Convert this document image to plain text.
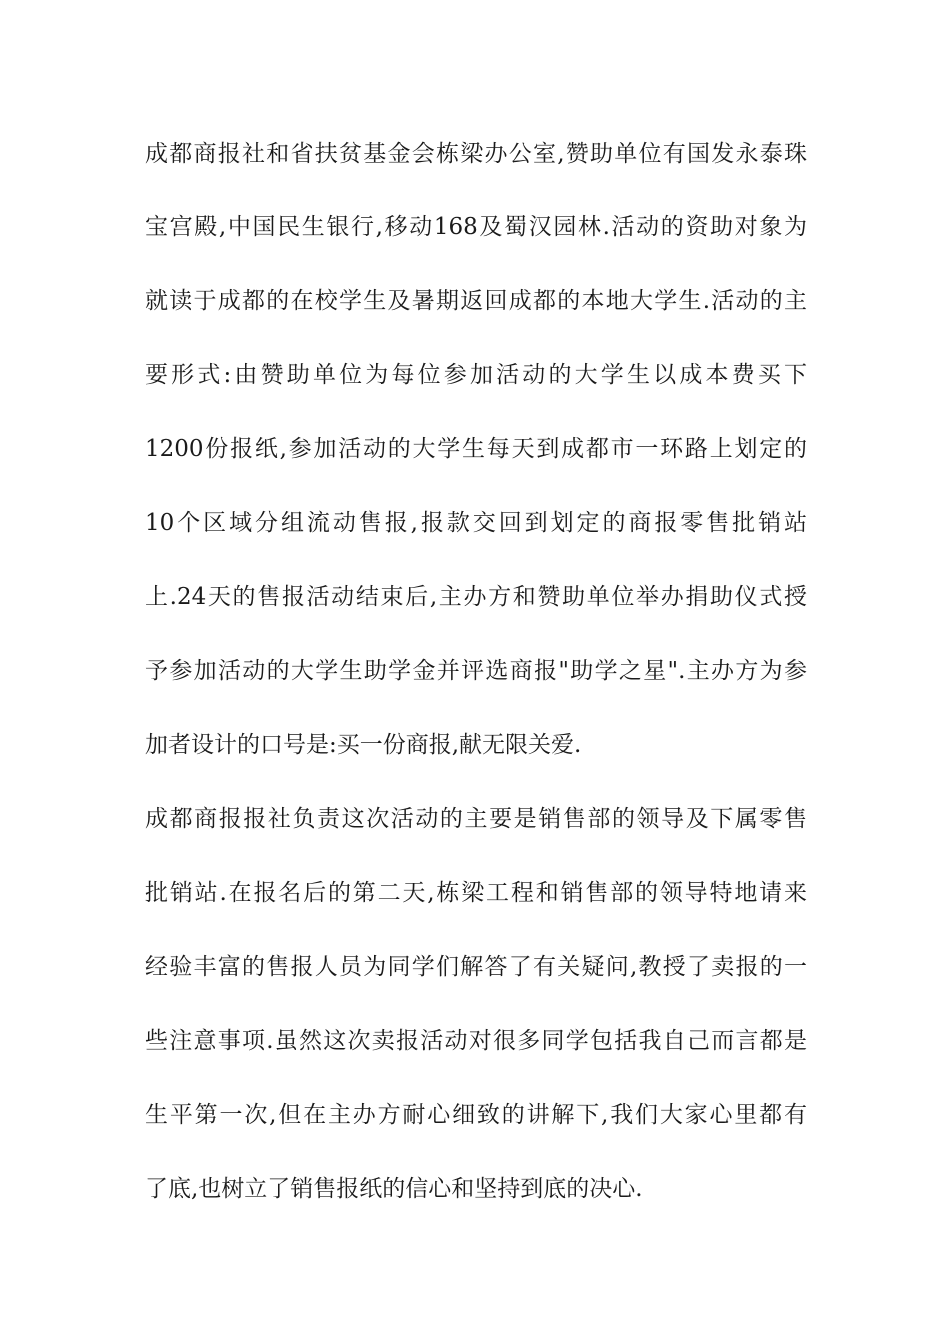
成都商报社和省扶贫基金会栋梁办公室,赞助单位有国发永泰珠
宝宫殿,中国民生银行,移动168及蜀汉园林.活动的资助对象为
就读于成都的在校学生及暑期返回成都的本地大学生.活动的主
要形式:由赞助单位为每位参加活动的大学生以成本费买下
1200份报纸,参加活动的大学生每天到成都市一环路上划定的
10个区域分组流动售报,报款交回到划定的商报零售批销站
上.24天的售报活动结束后,主办方和赞助单位举办捐助仪式授
予参加活动的大学生助学金并评选商报"助学之星".主办方为参
加者设计的口号是:买一份商报,献无限关爱.
成都商报报社负责这次活动的主要是销售部的领导及下属零售
批销站.在报名后的第二天,栋梁工程和销售部的领导特地请来
经验丰富的售报人员为同学们解答了有关疑问,教授了卖报的一
些注意事项.虽然这次卖报活动对很多同学包括我自己而言都是
生平第一次,但在主办方耐心细致的讲解下,我们大家心里都有
了底,也树立了销售报纸的信心和坚持到底的决心.
